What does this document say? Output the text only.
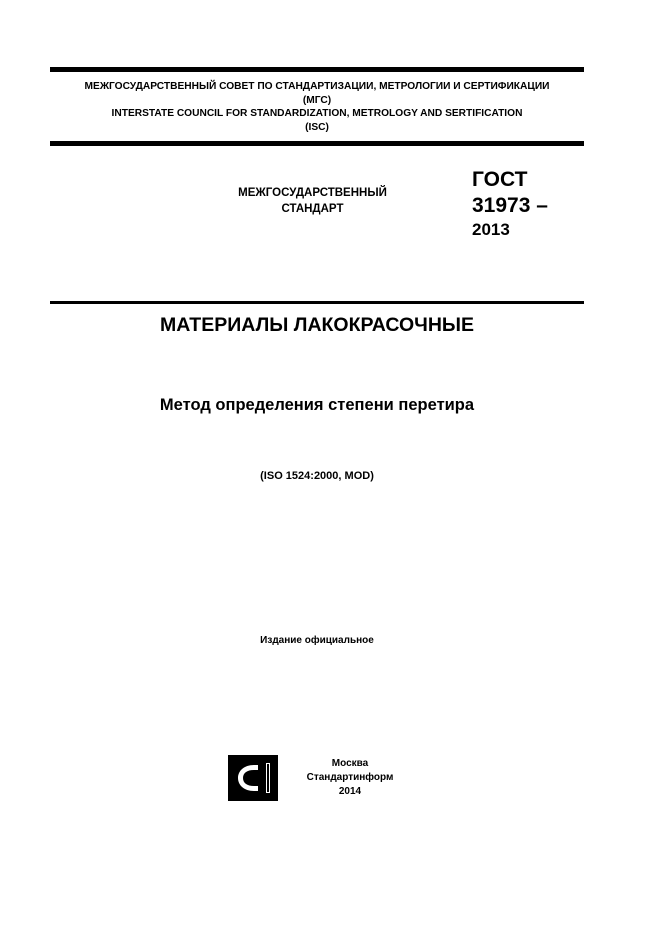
МЕЖГОСУДАРСТВЕННЫЙ СОВЕТ ПО СТАНДАРТИЗАЦИИ, МЕТРОЛОГИИ И СЕРТИФИКАЦИИ
(МГС)
INTERSTATE COUNCIL FOR STANDARDIZATION, METROLOGY AND SERTIFICATION
(ISC)
МЕЖГОСУДАРСТВЕННЫЙ
СТАНДАРТ
ГОСТ
31973 –
2013
МАТЕРИАЛЫ ЛАКОКРАСОЧНЫЕ
Метод определения степени перетира
(ISO 1524:2000, MOD)
Издание официальное
Москва
Стандартинформ
2014
